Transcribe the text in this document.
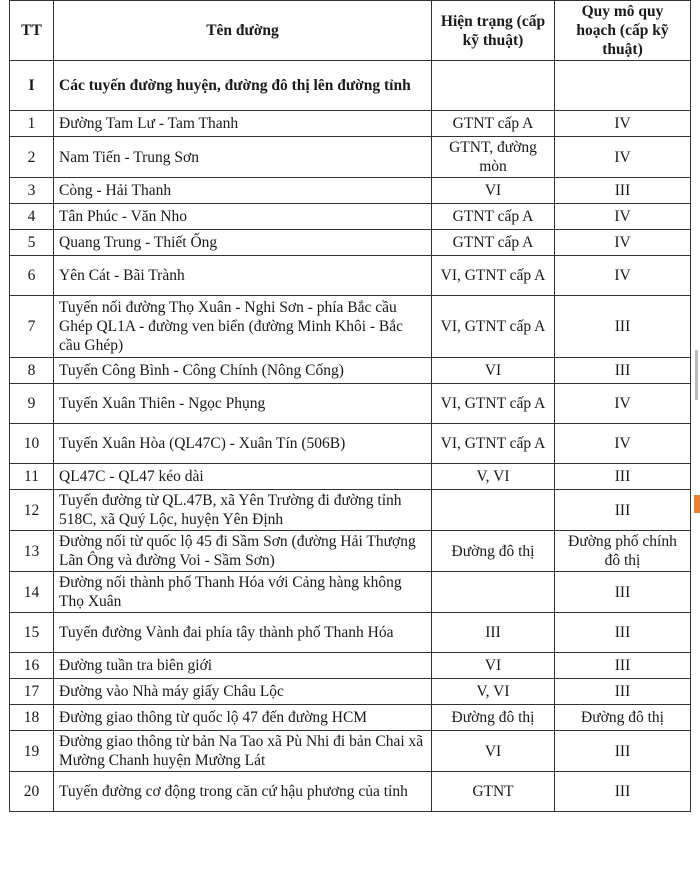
TT	Tên đường	Hiện trạng (cấp kỹ thuật)	Quy mô quy hoạch (cấp kỹ thuật)
I	Các tuyến đường huyện, đường đô thị lên đường tỉnh		
1	Đường Tam Lư - Tam Thanh	GTNT cấp A	IV
2	Nam Tiến - Trung Sơn	GTNT, đường mòn	IV
3	Còng - Hải Thanh	VI	III
4	Tân Phúc - Văn Nho	GTNT cấp A	IV
5	Quang Trung - Thiết Ống	GTNT cấp A	IV
6	Yên Cát - Bãi Trành	VI, GTNT cấp A	IV
7	Tuyến nối đường Thọ Xuân - Nghi Sơn - phía Bắc cầu Ghép QL1A - đường ven biển (đường Minh Khôi - Bắc cầu Ghép)	VI, GTNT cấp A	III
8	Tuyến Công Bình - Công Chính (Nông Cống)	VI	III
9	Tuyến Xuân Thiên - Ngọc Phụng	VI, GTNT cấp A	IV
10	Tuyến Xuân Hòa (QL47C) - Xuân Tín (506B)	VI, GTNT cấp A	IV
11	QL47C - QL47 kéo dài	V, VI	III
12	Tuyến đường từ QL.47B, xã Yên Trường đi đường tỉnh 518C, xã Quý Lộc, huyện Yên Định		III
13	Đường nối từ quốc lộ 45 đi Sầm Sơn (đường Hải Thượng Lãn Ông và đường Voi - Sầm Sơn)	Đường đô thị	Đường phố chính đô thị
14	Đường nối thành phố Thanh Hóa với Cảng hàng không Thọ Xuân		III
15	Tuyến đường Vành đai phía tây thành phố Thanh Hóa	III	III
16	Đường tuần tra biên giới	VI	III
17	Đường vào Nhà máy giấy Châu Lộc	V, VI	III
18	Đường giao thông từ quốc lộ 47 đến đường HCM	Đường đô thị	Đường đô thị
19	Đường giao thông từ bản Na Tao xã Pù Nhi đi bản Chai xã Mường Chanh huyện Mường Lát	VI	III
20	Tuyến đường cơ động trong căn cứ hậu phương của tỉnh	GTNT	III
